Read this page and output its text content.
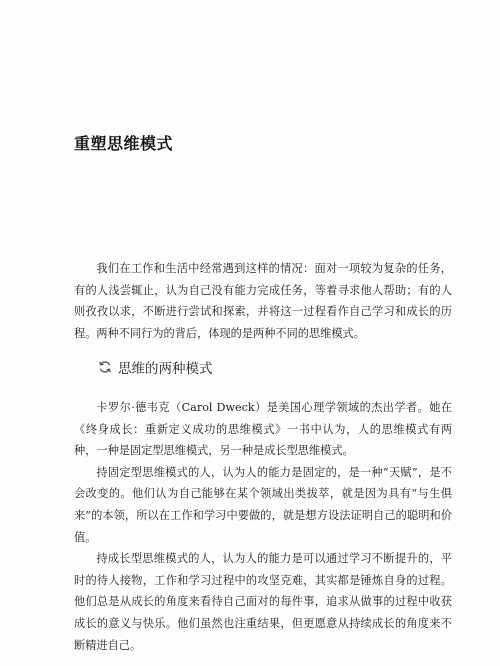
重塑思维模式

我们在工作和生活中经常遇到这样的情况：面对一项较为复杂的任务，有的人浅尝辄止，认为自己没有能力完成任务，等着寻求他人帮助；有的人则孜孜以求，不断进行尝试和探索，并将这一过程看作自己学习和成长的历程。两种不同行为的背后，体现的是两种不同的思维模式。

思维的两种模式

卡罗尔·德韦克（Carol Dweck）是美国心理学领域的杰出学者。她在《终身成长：重新定义成功的思维模式》一书中认为，人的思维模式有两种，一种是固定型思维模式，另一种是成长型思维模式。

持固定型思维模式的人，认为人的能力是固定的，是一种“天赋”，是不会改变的。他们认为自己能够在某个领域出类拔萃，就是因为具有“与生俱来”的本领，所以在工作和学习中要做的，就是想方设法证明自己的聪明和价值。

持成长型思维模式的人，认为人的能力是可以通过学习不断提升的，平时的待人接物，工作和学习过程中的攻坚克难，其实都是锤炼自身的过程。他们总是从成长的角度来看待自己面对的每件事，追求从做事的过程中收获成长的意义与快乐。他们虽然也注重结果，但更愿意从持续成长的角度来不断精进自己。
